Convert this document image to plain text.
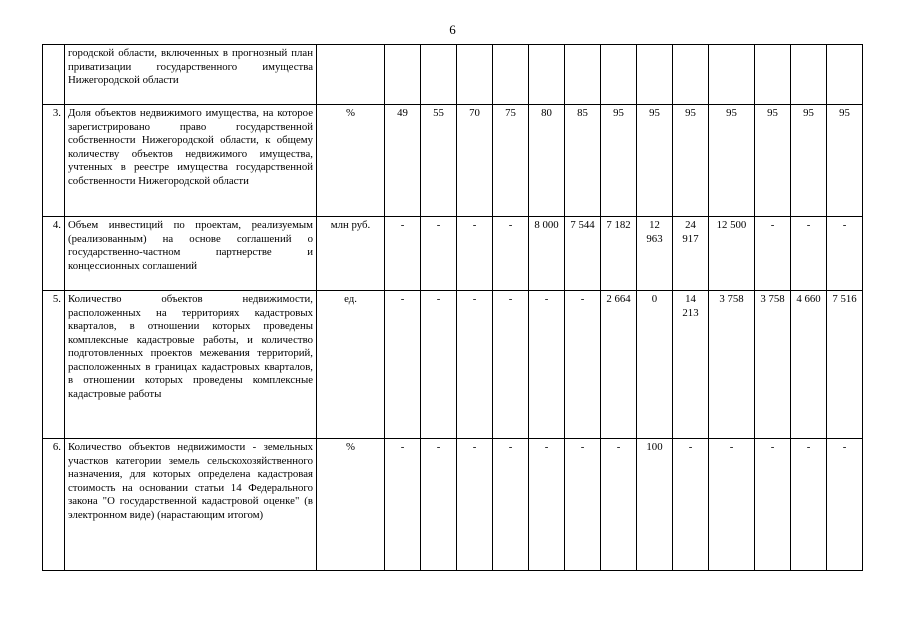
6
	городской области, включенных в прогнозный план приватизации государственного имущества Нижегородской области														
3.	Доля объектов недвижимого имущества, на которое зарегистрировано право государственной собственности Нижегородской области, к общему количеству объектов недвижимого имущества, учтенных в реестре имущества государственной собственности Нижегородской области	%	49	55	70	75	80	85	95	95	95	95	95	95	95
4.	Объем инвестиций по проектам, реализуемым (реализованным) на основе соглашений о государственно-частном партнерстве и концессионных соглашений	млн руб.	-	-	-	-	8 000	7 544	7 182	12 963	24 917	12 500	-	-	-
5.	Количество объектов недвижимости, расположенных на территориях кадастровых кварталов, в отношении которых проведены комплексные кадастровые работы, и количество подготовленных проектов межевания территорий, расположенных в границах кадастровых кварталов, в отношении которых проведены комплексные кадастровые работы	ед.	-	-	-	-	-	-	2 664	0	14 213	3 758	3 758	4 660	7 516
6.	Количество объектов недвижимости - земельных участков категории земель сельскохозяйственного назначения, для которых определена кадастровая стоимость на основании статьи 14 Федерального закона "О государственной кадастровой оценке" (в электронном виде) (нарастающим итогом)	%	-	-	-	-	-	-	-	100	-	-	-	-	-
